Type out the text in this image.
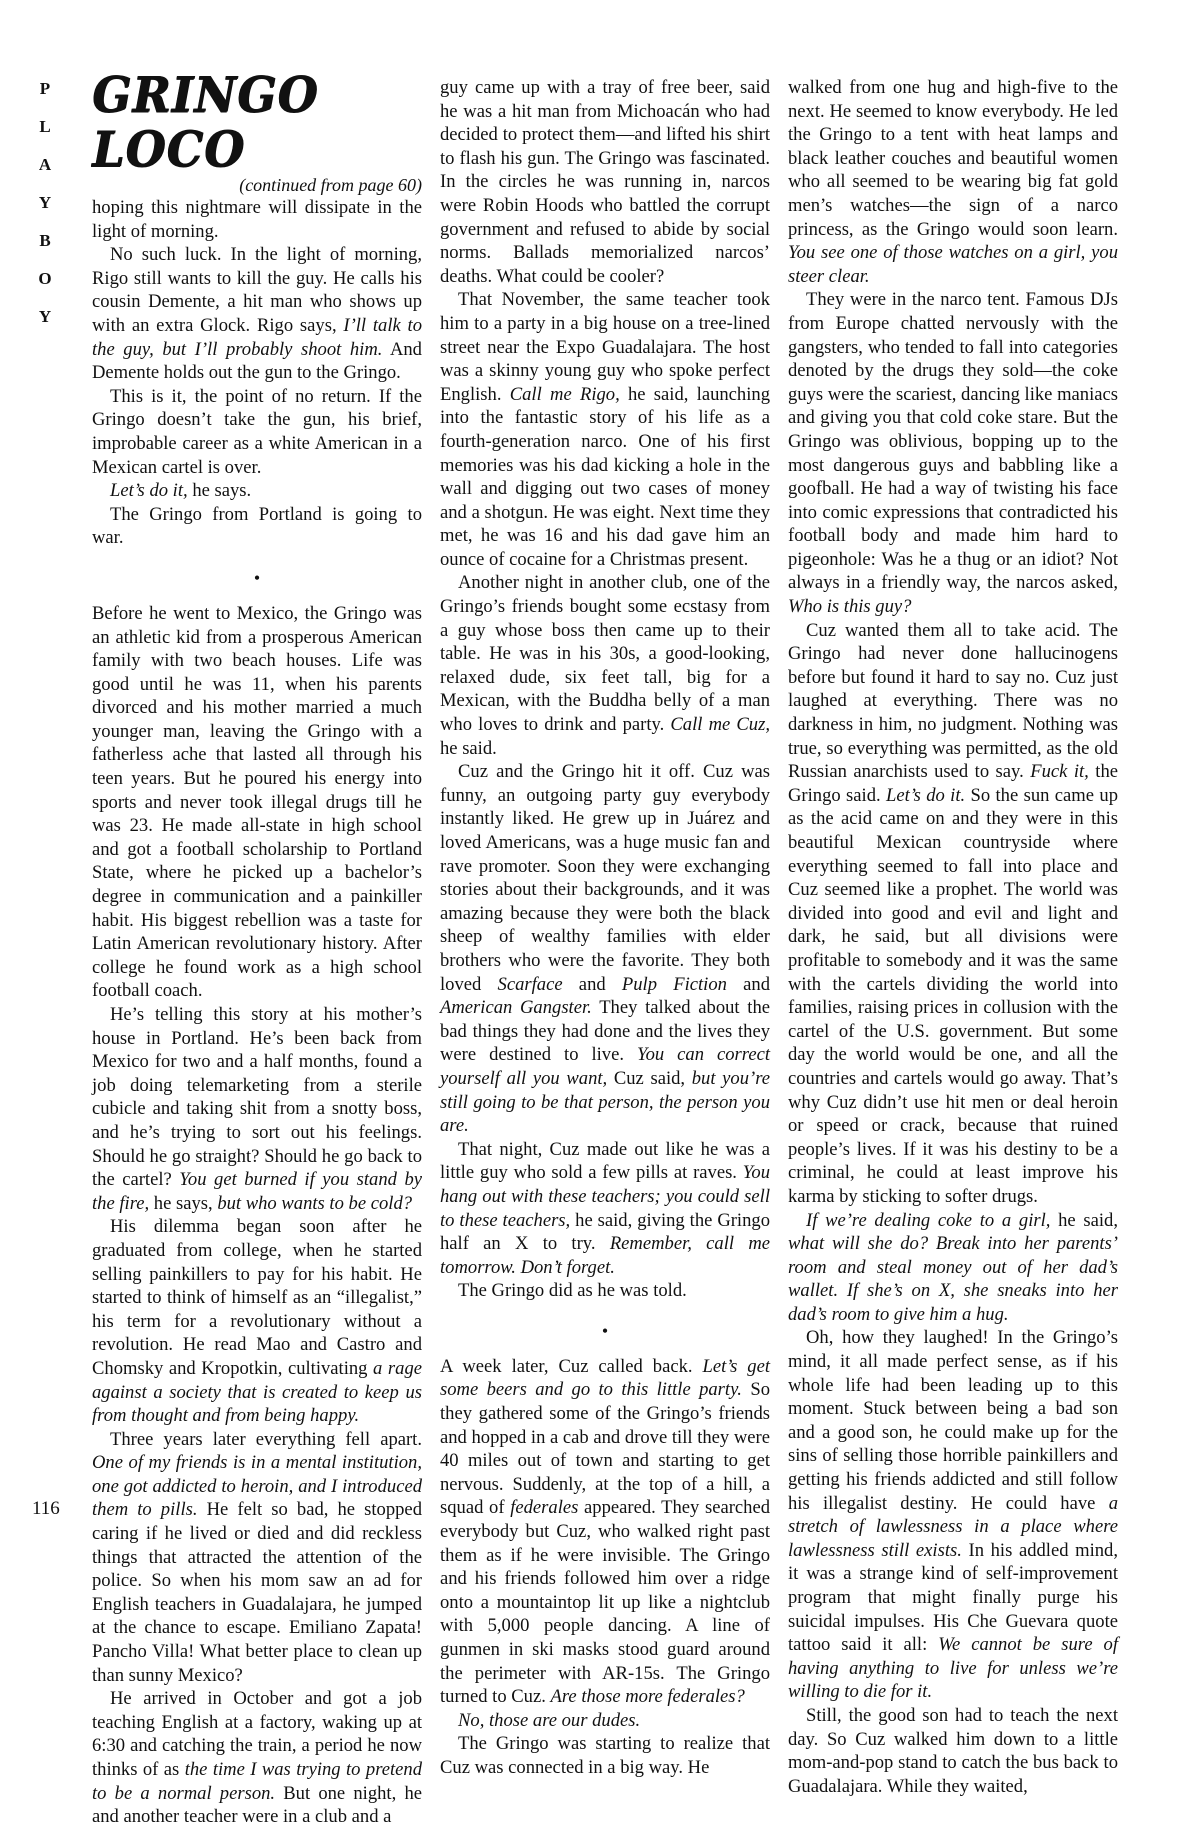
P
L
A
Y
B
O
Y
116
GRINGO LOCO
(continued from page 60)

hoping this nightmare will dissipate in the light of morning.

No such luck. In the light of morning, Rigo still wants to kill the guy. He calls his cousin Demente, a hit man who shows up with an extra Glock. Rigo says, I’ll talk to the guy, but I’ll probably shoot him. And Demente holds out the gun to the Gringo.

This is it, the point of no return. If the Gringo doesn’t take the gun, his brief, improbable career as a white American in a Mexican cartel is over.

Let’s do it, he says.

The Gringo from Portland is going to war.

•

Before he went to Mexico, the Gringo was an athletic kid from a prosperous American family with two beach houses. Life was good until he was 11, when his parents divorced and his mother married a much younger man, leaving the Gringo with a fatherless ache that lasted all through his teen years. But he poured his energy into sports and never took illegal drugs till he was 23. He made all-state in high school and got a football scholarship to Portland State, where he picked up a bachelor’s degree in communication and a painkiller habit. His biggest rebellion was a taste for Latin American revolutionary history. After college he found work as a high school football coach.

He’s telling this story at his mother’s house in Portland. He’s been back from Mexico for two and a half months, found a job doing telemarketing from a sterile cubicle and taking shit from a snotty boss, and he’s trying to sort out his feelings. Should he go straight? Should he go back to the cartel? You get burned if you stand by the fire, he says, but who wants to be cold?

His dilemma began soon after he graduated from college, when he started selling painkillers to pay for his habit. He started to think of himself as an “illegalist,” his term for a revolutionary without a revolution. He read Mao and Castro and Chomsky and Kropotkin, cultivating a rage against a society that is created to keep us from thought and from being happy.

Three years later everything fell apart. One of my friends is in a mental institution, one got addicted to heroin, and I introduced them to pills. He felt so bad, he stopped caring if he lived or died and did reckless things that attracted the attention of the police. So when his mom saw an ad for English teachers in Guadalajara, he jumped at the chance to escape. Emiliano Zapata! Pancho Villa! What better place to clean up than sunny Mexico?

He arrived in October and got a job teaching English at a factory, waking up at 6:30 and catching the train, a period he now thinks of as the time I was trying to pretend to be a normal person. But one night, he and another teacher were in a club and a

guy came up with a tray of free beer, said he was a hit man from Michoacán who had decided to protect them—and lifted his shirt to flash his gun. The Gringo was fascinated. In the circles he was running in, narcos were Robin Hoods who battled the corrupt government and refused to abide by social norms. Ballads memorialized narcos’ deaths. What could be cooler?

That November, the same teacher took him to a party in a big house on a tree-lined street near the Expo Guadalajara. The host was a skinny young guy who spoke perfect English. Call me Rigo, he said, launching into the fantastic story of his life as a fourth-generation narco. One of his first memories was his dad kicking a hole in the wall and digging out two cases of money and a shotgun. He was eight. Next time they met, he was 16 and his dad gave him an ounce of cocaine for a Christmas present.

Another night in another club, one of the Gringo’s friends bought some ecstasy from a guy whose boss then came up to their table. He was in his 30s, a good-looking, relaxed dude, six feet tall, big for a Mexican, with the Buddha belly of a man who loves to drink and party. Call me Cuz, he said.

Cuz and the Gringo hit it off. Cuz was funny, an outgoing party guy everybody instantly liked. He grew up in Juárez and loved Americans, was a huge music fan and rave promoter. Soon they were exchanging stories about their backgrounds, and it was amazing because they were both the black sheep of wealthy families with elder brothers who were the favorite. They both loved Scarface and Pulp Fiction and American Gangster. They talked about the bad things they had done and the lives they were destined to live. You can correct yourself all you want, Cuz said, but you’re still going to be that person, the person you are.

That night, Cuz made out like he was a little guy who sold a few pills at raves. You hang out with these teachers; you could sell to these teachers, he said, giving the Gringo half an X to try. Remember, call me tomorrow. Don’t forget.

The Gringo did as he was told.

•

A week later, Cuz called back. Let’s get some beers and go to this little party. So they gathered some of the Gringo’s friends and hopped in a cab and drove till they were 40 miles out of town and starting to get nervous. Suddenly, at the top of a hill, a squad of federales appeared. They searched everybody but Cuz, who walked right past them as if he were invisible. The Gringo and his friends followed him over a ridge onto a mountaintop lit up like a nightclub with 5,000 people dancing. A line of gunmen in ski masks stood guard around the perimeter with AR-15s. The Gringo turned to Cuz. Are those more federales?

No, those are our dudes.

The Gringo was starting to realize that Cuz was connected in a big way. He

walked from one hug and high-five to the next. He seemed to know everybody. He led the Gringo to a tent with heat lamps and black leather couches and beautiful women who all seemed to be wearing big fat gold men’s watches—the sign of a narco princess, as the Gringo would soon learn. You see one of those watches on a girl, you steer clear.

They were in the narco tent. Famous DJs from Europe chatted nervously with the gangsters, who tended to fall into categories denoted by the drugs they sold—the coke guys were the scariest, dancing like maniacs and giving you that cold coke stare. But the Gringo was oblivious, bopping up to the most dangerous guys and babbling like a goofball. He had a way of twisting his face into comic expressions that contradicted his football body and made him hard to pigeonhole: Was he a thug or an idiot? Not always in a friendly way, the narcos asked, Who is this guy?

Cuz wanted them all to take acid. The Gringo had never done hallucinogens before but found it hard to say no. Cuz just laughed at everything. There was no darkness in him, no judgment. Nothing was true, so everything was permitted, as the old Russian anarchists used to say. Fuck it, the Gringo said. Let’s do it. So the sun came up as the acid came on and they were in this beautiful Mexican countryside where everything seemed to fall into place and Cuz seemed like a prophet. The world was divided into good and evil and light and dark, he said, but all divisions were profitable to somebody and it was the same with the cartels dividing the world into families, raising prices in collusion with the cartel of the U.S. government. But some day the world would be one, and all the countries and cartels would go away. That’s why Cuz didn’t use hit men or deal heroin or speed or crack, because that ruined people’s lives. If it was his destiny to be a criminal, he could at least improve his karma by sticking to softer drugs.

If we’re dealing coke to a girl, he said, what will she do? Break into her parents’ room and steal money out of her dad’s wallet. If she’s on X, she sneaks into her dad’s room to give him a hug.

Oh, how they laughed! In the Gringo’s mind, it all made perfect sense, as if his whole life had been leading up to this moment. Stuck between being a bad son and a good son, he could make up for the sins of selling those horrible painkillers and getting his friends addicted and still follow his illegalist destiny. He could have a stretch of lawlessness in a place where lawlessness still exists. In his addled mind, it was a strange kind of self-improvement program that might finally purge his suicidal impulses. His Che Guevara quote tattoo said it all: We cannot be sure of having anything to live for unless we’re willing to die for it.

Still, the good son had to teach the next day. So Cuz walked him down to a little mom-and-pop stand to catch the bus back to Guadalajara. While they waited,
